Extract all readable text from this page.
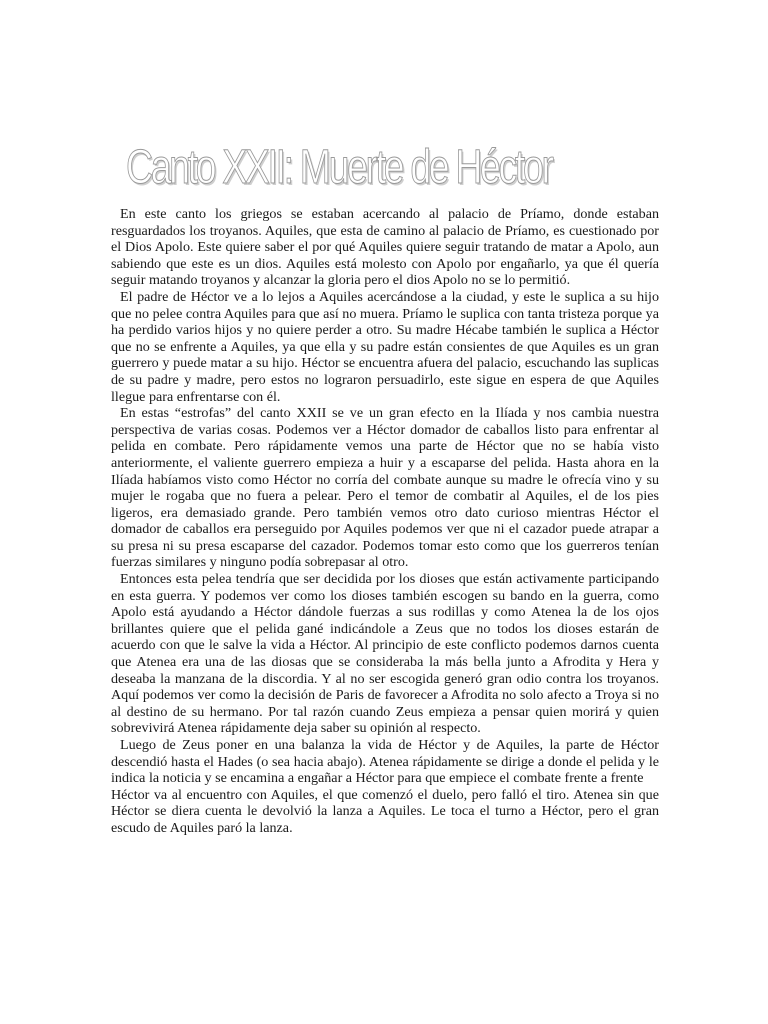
Canto XXII: Muerte de Héctor

En este canto los griegos se estaban acercando al palacio de Príamo, donde estaban resguardados los troyanos. Aquiles, que esta de camino al palacio de Príamo, es cuestionado por el Dios Apolo. Este quiere saber el por qué Aquiles quiere seguir tratando de matar a Apolo, aun sabiendo que este es un dios. Aquiles está molesto con Apolo por engañarlo, ya que él quería seguir matando troyanos y alcanzar la gloria pero el dios Apolo no se lo permitió.

El padre de Héctor ve a lo lejos a Aquiles acercándose a la ciudad, y este le suplica a su hijo que no pelee contra Aquiles para que así no muera. Príamo le suplica con tanta tristeza porque ya ha perdido varios hijos y no quiere perder a otro. Su madre Hécabe también le suplica a Héctor que no se enfrente a Aquiles, ya que ella y su padre están consientes de que Aquiles es un gran guerrero y puede matar a su hijo. Héctor se encuentra afuera del palacio, escuchando las suplicas de su padre y madre, pero estos no lograron persuadirlo, este sigue en espera de que Aquiles llegue para enfrentarse con él.

En estas “estrofas” del canto XXII se ve un gran efecto en la Ilíada y nos cambia nuestra perspectiva de varias cosas. Podemos ver a Héctor domador de caballos listo para enfrentar al pelida en combate. Pero rápidamente vemos una parte de Héctor que no se había visto anteriormente, el valiente guerrero empieza a huir y a escaparse del pelida. Hasta ahora en la Ilíada habíamos visto como Héctor no corría del combate aunque su madre le ofrecía vino y su mujer le rogaba que no fuera a pelear. Pero el temor de combatir al Aquiles, el de los pies ligeros, era demasiado grande. Pero también vemos otro dato curioso mientras Héctor el domador de caballos era perseguido por Aquiles podemos ver que ni el cazador puede atrapar a su presa ni su presa escaparse del cazador. Podemos tomar esto como que los guerreros tenían fuerzas similares y ninguno podía sobrepasar al otro.

Entonces esta pelea tendría que ser decidida por los dioses que están activamente participando en esta guerra. Y podemos ver como los dioses también escogen su bando en la guerra, como Apolo está ayudando a Héctor dándole fuerzas a sus rodillas y como Atenea la de los ojos brillantes quiere que el pelida gané indicándole a Zeus que no todos los dioses estarán de acuerdo con que le salve la vida a Héctor. Al principio de este conflicto podemos darnos cuenta que Atenea era una de las diosas que se consideraba la más bella junto a Afrodita y Hera y deseaba la manzana de la discordia. Y al no ser escogida generó gran odio contra los troyanos. Aquí podemos ver como la decisión de Paris de favorecer a Afrodita no solo afecto a Troya si no al destino de su hermano. Por tal razón cuando Zeus empieza a pensar quien morirá y quien sobrevivirá Atenea rápidamente deja saber su opinión al respecto.

Luego de Zeus poner en una balanza la vida de Héctor y de Aquiles, la parte de Héctor descendió hasta el Hades (o sea hacia abajo). Atenea rápidamente se dirige a donde el pelida y le indica la noticia y se encamina a engañar a Héctor para que empiece el combate frente a frente

Héctor va al encuentro con Aquiles, el que comenzó el duelo, pero falló el tiro. Atenea sin que Héctor se diera cuenta le devolvió la lanza a Aquiles. Le toca el turno a Héctor, pero el gran escudo de Aquiles paró la lanza.
